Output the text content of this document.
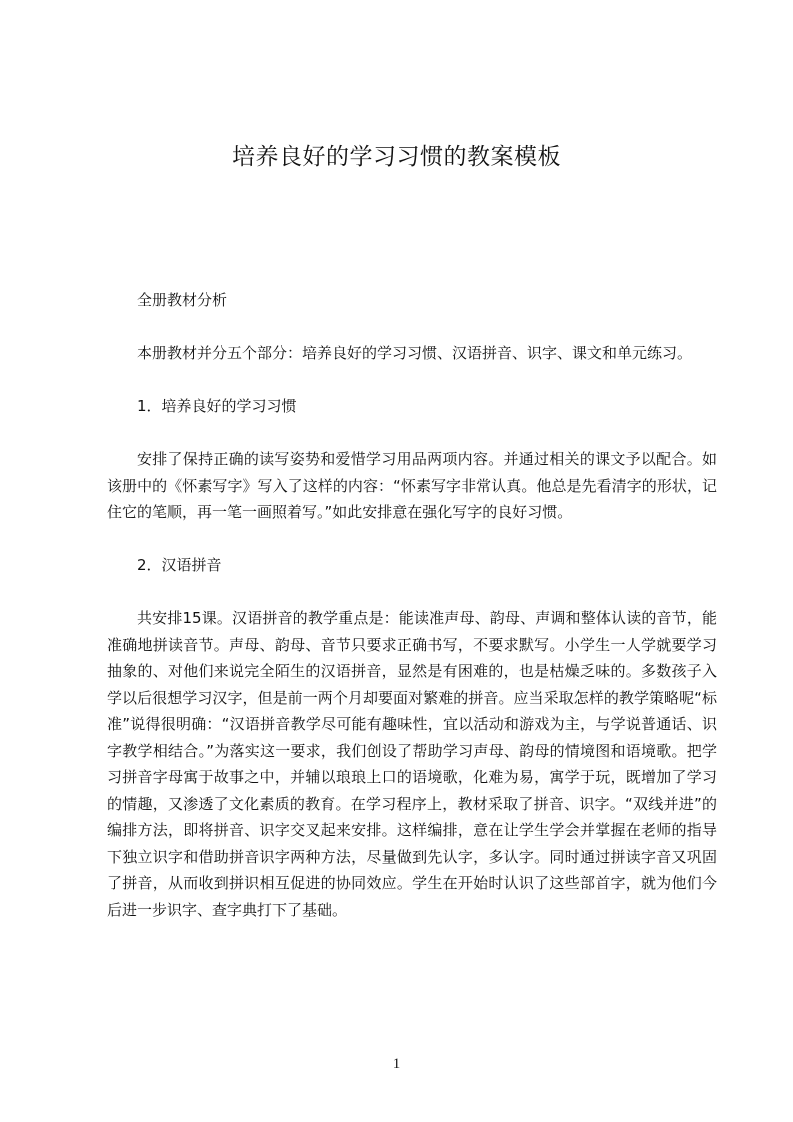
培养良好的学习习惯的教案模板

全册教材分析

本册教材并分五个部分：培养良好的学习习惯、汉语拼音、识字、课文和单元练习。

1．培养良好的学习习惯

安排了保持正确的读写姿势和爱惜学习用品两项内容。并通过相关的课文予以配合。如该册中的《怀素写字》写入了这样的内容：“怀素写字非常认真。他总是先看清字的形状，记住它的笔顺，再一笔一画照着写。”如此安排意在强化写字的良好习惯。

2．汉语拼音

共安排15课。汉语拼音的教学重点是：能读准声母、韵母、声调和整体认读的音节，能准确地拼读音节。声母、韵母、音节只要求正确书写，不要求默写。小学生一人学就要学习抽象的、对他们来说完全陌生的汉语拼音，显然是有困难的，也是枯燥乏味的。多数孩子入学以后很想学习汉字，但是前一两个月却要面对繁难的拼音。应当采取怎样的教学策略呢“标准”说得很明确：“汉语拼音教学尽可能有趣味性，宜以活动和游戏为主，与学说普通话、识字教学相结合。”为落实这一要求，我们创设了帮助学习声母、韵母的情境图和语境歌。把学习拼音字母寓于故事之中，并辅以琅琅上口的语境歌，化难为易，寓学于玩，既增加了学习的情趣，又渗透了文化素质的教育。在学习程序上，教材采取了拼音、识字。“双线并进”的编排方法，即将拼音、识字交叉起来安排。这样编排，意在让学生学会并掌握在老师的指导下独立识字和借助拼音识字两种方法，尽量做到先认字，多认字。同时通过拼读字音又巩固了拼音，从而收到拼识相互促进的协同效应。学生在开始时认识了这些部首字，就为他们今后进一步识字、查字典打下了基础。

1
